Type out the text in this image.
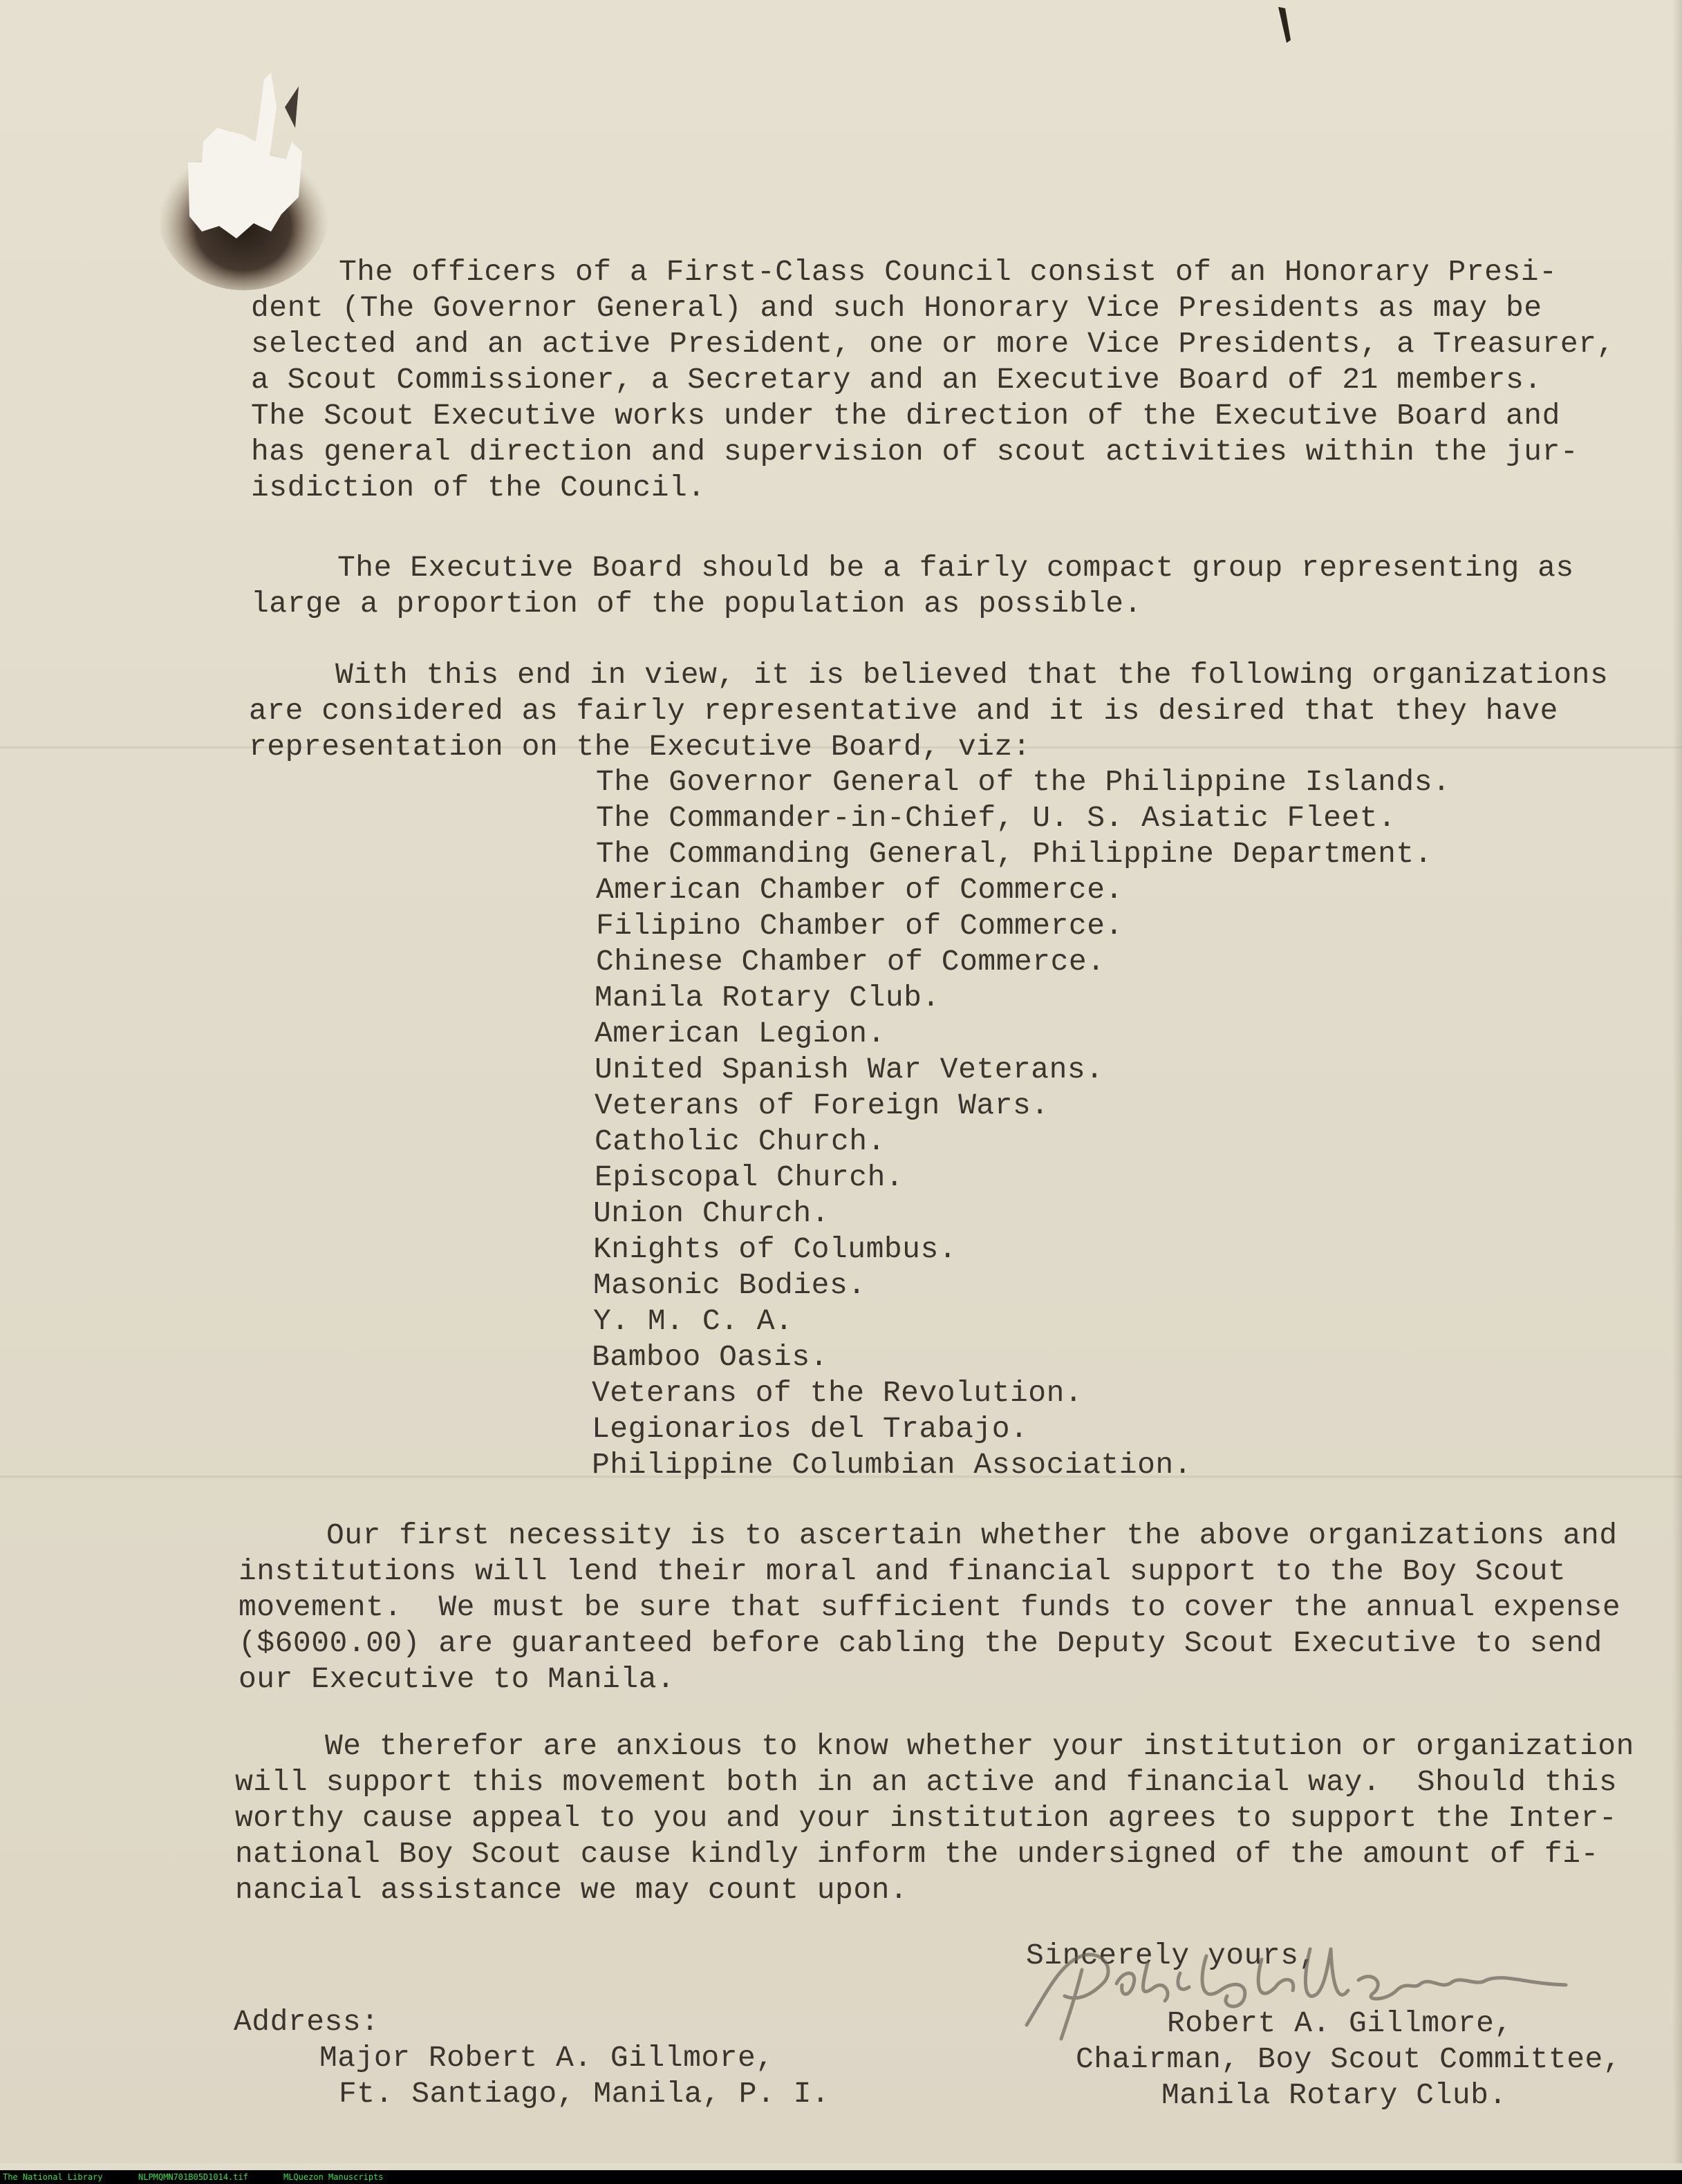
The officers of a First-Class Council consist of an Honorary Presi-
dent (The Governor General) and such Honorary Vice Presidents as may be
selected and an active President, one or more Vice Presidents, a Treasurer,
a Scout Commissioner, a Secretary and an Executive Board of 21 members.
The Scout Executive works under the direction of the Executive Board and
has general direction and supervision of scout activities within the jur-
isdiction of the Council.
The Executive Board should be a fairly compact group representing as
large a proportion of the population as possible.
With this end in view, it is believed that the following organizations
are considered as fairly representative and it is desired that they have
representation on the Executive Board, viz:
The Governor General of the Philippine Islands.
The Commander-in-Chief, U. S. Asiatic Fleet.
The Commanding General, Philippine Department.
American Chamber of Commerce.
Filipino Chamber of Commerce.
Chinese Chamber of Commerce.
Manila Rotary Club.
American Legion.
United Spanish War Veterans.
Veterans of Foreign Wars.
Catholic Church.
Episcopal Church.
Union Church.
Knights of Columbus.
Masonic Bodies.
Y. M. C. A.
Bamboo Oasis.
Veterans of the Revolution.
Legionarios del Trabajo.
Philippine Columbian Association.
Our first necessity is to ascertain whether the above organizations and
institutions will lend their moral and financial support to the Boy Scout
movement.  We must be sure that sufficient funds to cover the annual expense
($6000.00) are guaranteed before cabling the Deputy Scout Executive to send
our Executive to Manila.
We therefor are anxious to know whether your institution or organization
will support this movement both in an active and financial way.  Should this
worthy cause appeal to you and your institution agrees to support the Inter-
national Boy Scout cause kindly inform the undersigned of the amount of fi-
nancial assistance we may count upon.
Sincerely yours,
Address:
Major Robert A. Gillmore,
Ft. Santiago, Manila, P. I.
Robert A. Gillmore,
Chairman, Boy Scout Committee,
Manila Rotary Club.
The National Library	NLPMQMN701B05D1014.tif	MLQuezon Manuscripts
